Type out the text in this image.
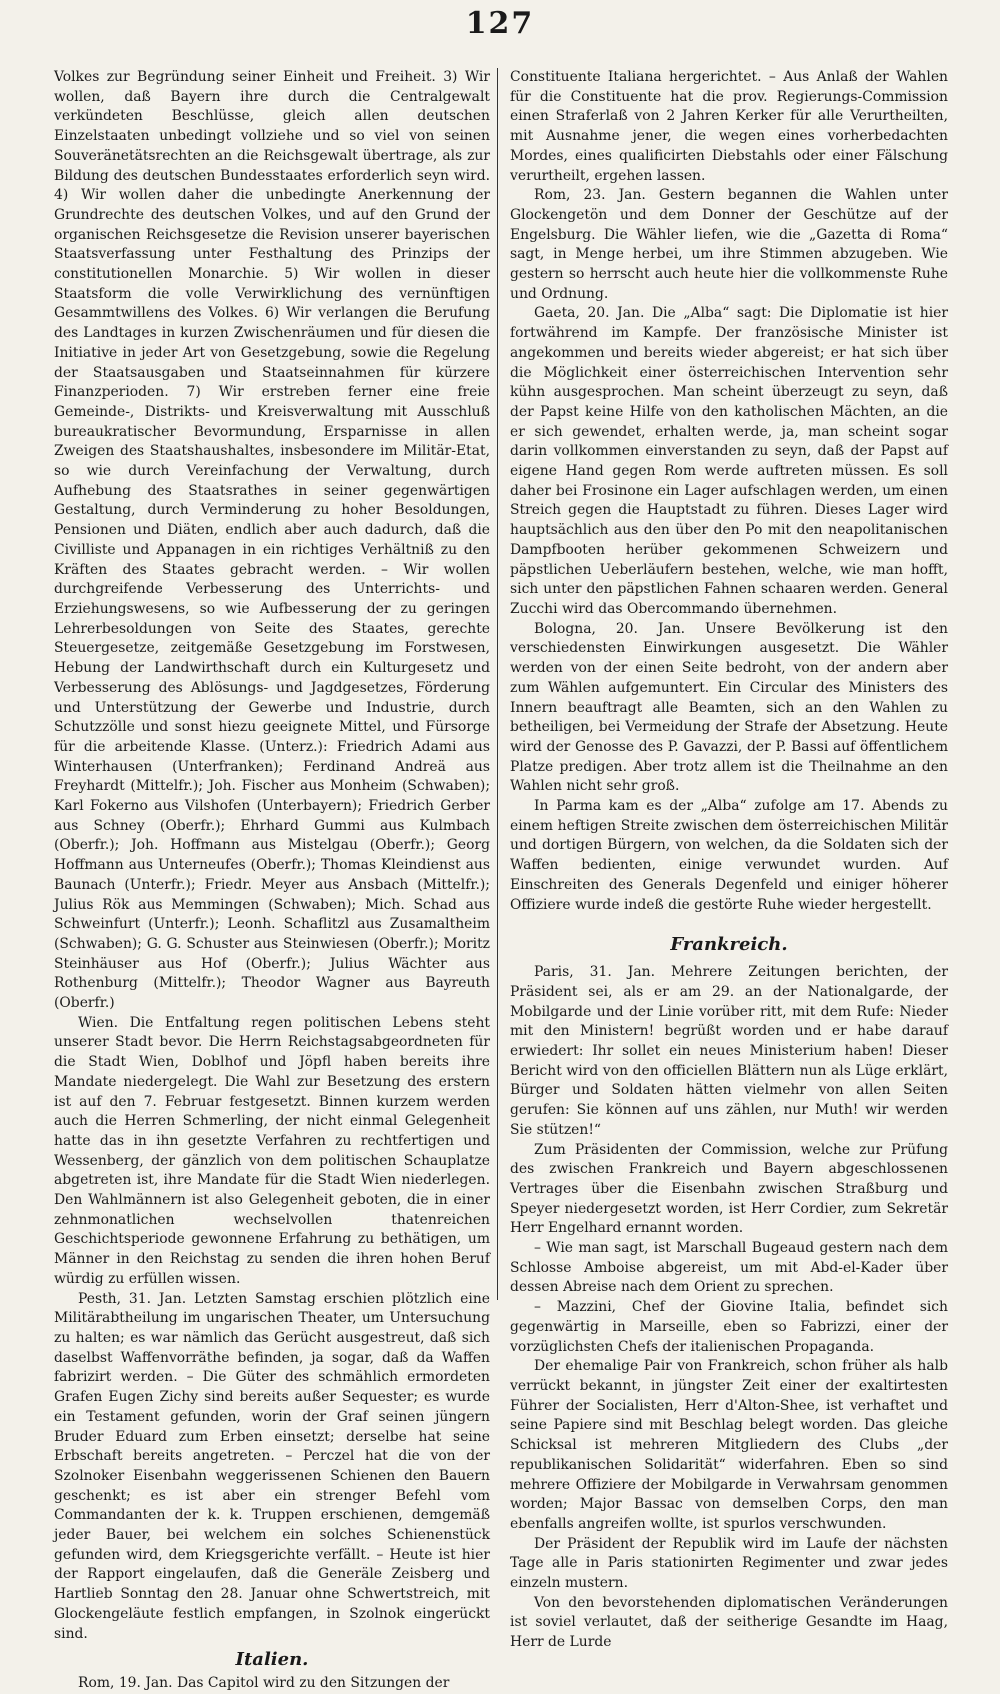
127

Volkes zur Begründung seiner Einheit und Freiheit. 3) Wir wollen, daß Bayern ihre durch die Centralgewalt verkündeten Beschlüsse, gleich allen deutschen Einzelstaaten unbedingt vollziehe und so viel von seinen Souveränetätsrechten an die Reichsgewalt übertrage, als zur Bildung des deutschen Bundesstaates erforderlich seyn wird. 4) Wir wollen daher die unbedingte Anerkennung der Grundrechte des deutschen Volkes, und auf den Grund der organischen Reichsgesetze die Revision unserer bayerischen Staatsverfassung unter Festhaltung des Prinzips der constitutionellen Monarchie. 5) Wir wollen in dieser Staatsform die volle Verwirklichung des vernünftigen Gesammtwillens des Volkes. 6) Wir verlangen die Berufung des Landtages in kurzen Zwischenräumen und für diesen die Initiative in jeder Art von Gesetzgebung, sowie die Regelung der Staatsausgaben und Staatseinnahmen für kürzere Finanzperioden. 7) Wir erstreben ferner eine freie Gemeinde-, Distrikts- und Kreisverwaltung mit Ausschluß bureaukratischer Bevormundung, Ersparnisse in allen Zweigen des Staatshaushaltes, insbesondere im Militär-Etat, so wie durch Vereinfachung der Verwaltung, durch Aufhebung des Staatsrathes in seiner gegenwärtigen Gestaltung, durch Verminderung zu hoher Besoldungen, Pensionen und Diäten, endlich aber auch dadurch, daß die Civilliste und Appanagen in ein richtiges Verhältniß zu den Kräften des Staates gebracht werden. – Wir wollen durchgreifende Verbesserung des Unterrichts- und Erziehungswesens, so wie Aufbesserung der zu geringen Lehrerbesoldungen von Seite des Staates, gerechte Steuergesetze, zeitgemäße Gesetzgebung im Forstwesen, Hebung der Landwirthschaft durch ein Kulturgesetz und Verbesserung des Ablösungs- und Jagdgesetzes, Förderung und Unterstützung der Gewerbe und Industrie, durch Schutzzölle und sonst hiezu geeignete Mittel, und Fürsorge für die arbeitende Klasse. (Unterz.): Friedrich Adami aus Winterhausen (Unterfranken); Ferdinand Andreä aus Freyhardt (Mittelfr.); Joh. Fischer aus Monheim (Schwaben); Karl Fokerno aus Vilshofen (Unterbayern); Friedrich Gerber aus Schney (Oberfr.); Ehrhard Gummi aus Kulmbach (Oberfr.); Joh. Hoffmann aus Mistelgau (Oberfr.); Georg Hoffmann aus Unterneufes (Oberfr.); Thomas Kleindienst aus Baunach (Unterfr.); Friedr. Meyer aus Ansbach (Mittelfr.); Julius Rök aus Memmingen (Schwaben); Mich. Schad aus Schweinfurt (Unterfr.); Leonh. Schaflitzl aus Zusamaltheim (Schwaben); G. G. Schuster aus Steinwiesen (Oberfr.); Moritz Steinhäuser aus Hof (Oberfr.); Julius Wächter aus Rothenburg (Mittelfr.); Theodor Wagner aus Bayreuth (Oberfr.)

Wien. Die Entfaltung regen politischen Lebens steht unserer Stadt bevor. Die Herrn Reichstagsabgeordneten für die Stadt Wien, Doblhof und Jöpfl haben bereits ihre Mandate niedergelegt. Die Wahl zur Besetzung des erstern ist auf den 7. Februar festgesetzt. Binnen kurzem werden auch die Herren Schmerling, der nicht einmal Gelegenheit hatte das in ihn gesetzte Verfahren zu rechtfertigen und Wessenberg, der gänzlich von dem politischen Schauplatze abgetreten ist, ihre Mandate für die Stadt Wien niederlegen. Den Wahlmännern ist also Gelegenheit geboten, die in einer zehnmonatlichen wechselvollen thatenreichen Geschichtsperiode gewonnene Erfahrung zu bethätigen, um Männer in den Reichstag zu senden die ihren hohen Beruf würdig zu erfüllen wissen.

Pesth, 31. Jan. Letzten Samstag erschien plötzlich eine Militärabtheilung im ungarischen Theater, um Untersuchung zu halten; es war nämlich das Gerücht ausgestreut, daß sich daselbst Waffenvorräthe befinden, ja sogar, daß da Waffen fabrizirt werden. – Die Güter des schmählich ermordeten Grafen Eugen Zichy sind bereits außer Sequester; es wurde ein Testament gefunden, worin der Graf seinen jüngern Bruder Eduard zum Erben einsetzt; derselbe hat seine Erbschaft bereits angetreten. – Perczel hat die von der Szolnoker Eisenbahn weggerissenen Schienen den Bauern geschenkt; es ist aber ein strenger Befehl vom Commandanten der k. k. Truppen erschienen, demgemäß jeder Bauer, bei welchem ein solches Schienenstück gefunden wird, dem Kriegsgerichte verfällt. – Heute ist hier der Rapport eingelaufen, daß die Generäle Zeisberg und Hartlieb Sonntag den 28. Januar ohne Schwertstreich, mit Glockengeläute festlich empfangen, in Szolnok eingerückt sind.

Italien.

Rom, 19. Jan. Das Capitol wird zu den Sitzungen der

Constituente Italiana hergerichtet. – Aus Anlaß der Wahlen für die Constituente hat die prov. Regierungs-Commission einen Straferlaß von 2 Jahren Kerker für alle Verurtheilten, mit Ausnahme jener, die wegen eines vorherbedachten Mordes, eines qualificirten Diebstahls oder einer Fälschung verurtheilt, ergehen lassen.

Rom, 23. Jan. Gestern begannen die Wahlen unter Glockengetön und dem Donner der Geschütze auf der Engelsburg. Die Wähler liefen, wie die „Gazetta di Roma“ sagt, in Menge herbei, um ihre Stimmen abzugeben. Wie gestern so herrscht auch heute hier die vollkommenste Ruhe und Ordnung.

Gaeta, 20. Jan. Die „Alba“ sagt: Die Diplomatie ist hier fortwährend im Kampfe. Der französische Minister ist angekommen und bereits wieder abgereist; er hat sich über die Möglichkeit einer österreichischen Intervention sehr kühn ausgesprochen. Man scheint überzeugt zu seyn, daß der Papst keine Hilfe von den katholischen Mächten, an die er sich gewendet, erhalten werde, ja, man scheint sogar darin vollkommen einverstanden zu seyn, daß der Papst auf eigene Hand gegen Rom werde auftreten müssen. Es soll daher bei Frosinone ein Lager aufschlagen werden, um einen Streich gegen die Hauptstadt zu führen. Dieses Lager wird hauptsächlich aus den über den Po mit den neapolitanischen Dampfbooten herüber gekommenen Schweizern und päpstlichen Ueberläufern bestehen, welche, wie man hofft, sich unter den päpstlichen Fahnen schaaren werden. General Zucchi wird das Obercommando übernehmen.

Bologna, 20. Jan. Unsere Bevölkerung ist den verschiedensten Einwirkungen ausgesetzt. Die Wähler werden von der einen Seite bedroht, von der andern aber zum Wählen aufgemuntert. Ein Circular des Ministers des Innern beauftragt alle Beamten, sich an den Wahlen zu betheiligen, bei Vermeidung der Strafe der Absetzung. Heute wird der Genosse des P. Gavazzi, der P. Bassi auf öffentlichem Platze predigen. Aber trotz allem ist die Theilnahme an den Wahlen nicht sehr groß.

In Parma kam es der „Alba“ zufolge am 17. Abends zu einem heftigen Streite zwischen dem österreichischen Militär und dortigen Bürgern, von welchen, da die Soldaten sich der Waffen bedienten, einige verwundet wurden. Auf Einschreiten des Generals Degenfeld und einiger höherer Offiziere wurde indeß die gestörte Ruhe wieder hergestellt.

Frankreich.

Paris, 31. Jan. Mehrere Zeitungen berichten, der Präsident sei, als er am 29. an der Nationalgarde, der Mobilgarde und der Linie vorüber ritt, mit dem Rufe: Nieder mit den Ministern! begrüßt worden und er habe darauf erwiedert: Ihr sollet ein neues Ministerium haben! Dieser Bericht wird von den officiellen Blättern nun als Lüge erklärt, Bürger und Soldaten hätten vielmehr von allen Seiten gerufen: Sie können auf uns zählen, nur Muth! wir werden Sie stützen!“

Zum Präsidenten der Commission, welche zur Prüfung des zwischen Frankreich und Bayern abgeschlossenen Vertrages über die Eisenbahn zwischen Straßburg und Speyer niedergesetzt worden, ist Herr Cordier, zum Sekretär Herr Engelhard ernannt worden.

– Wie man sagt, ist Marschall Bugeaud gestern nach dem Schlosse Amboise abgereist, um mit Abd-el-Kader über dessen Abreise nach dem Orient zu sprechen.

– Mazzini, Chef der Giovine Italia, befindet sich gegenwärtig in Marseille, eben so Fabrizzi, einer der vorzüglichsten Chefs der italienischen Propaganda.

Der ehemalige Pair von Frankreich, schon früher als halb verrückt bekannt, in jüngster Zeit einer der exaltirtesten Führer der Socialisten, Herr d'Alton-Shee, ist verhaftet und seine Papiere sind mit Beschlag belegt worden. Das gleiche Schicksal ist mehreren Mitgliedern des Clubs „der republikanischen Solidarität“ widerfahren. Eben so sind mehrere Offiziere der Mobilgarde in Verwahrsam genommen worden; Major Bassac von demselben Corps, den man ebenfalls angreifen wollte, ist spurlos verschwunden.

Der Präsident der Republik wird im Laufe der nächsten Tage alle in Paris stationirten Regimenter und zwar jedes einzeln mustern.

Von den bevorstehenden diplomatischen Veränderungen ist soviel verlautet, daß der seitherige Gesandte im Haag, Herr de Lurde
